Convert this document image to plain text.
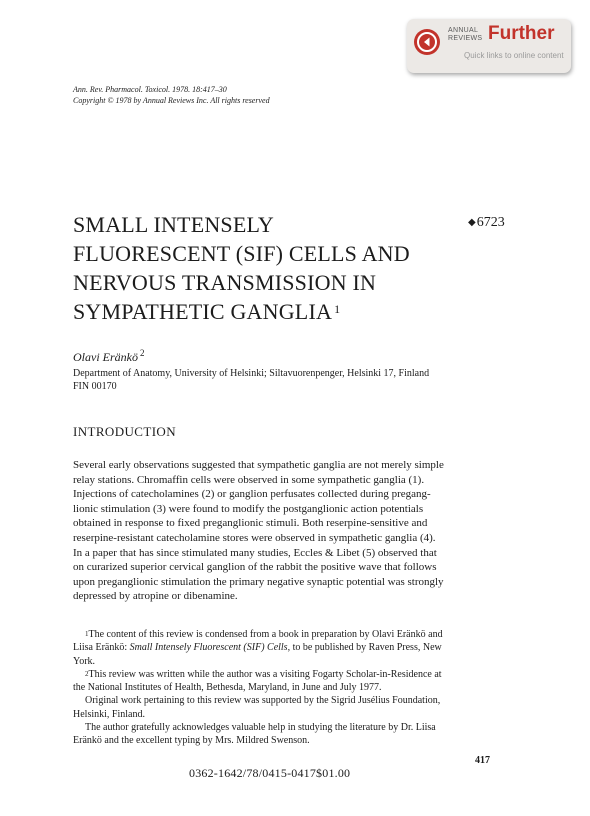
ANNUAL
REVIEWS Further
Quick links to online content
Ann. Rev. Pharmacol. Toxicol. 1978. 18:417–30
Copyright © 1978 by Annual Reviews Inc. All rights reserved

SMALL INTENSELY

FLUORESCENT (SIF) CELLS AND

NERVOUS TRANSMISSION IN

SYMPATHETIC GANGLIA $^1$

◆6723
Olavi Eränkö $^2$

Department of Anatomy, University of Helsinki; Siltavuorenpenger, Helsinki 17, Finland

FIN 00170

INTRODUCTION

Several early observations suggested that sympathetic ganglia are not merely simple

relay stations. Chromaffin cells were observed in some sympathetic ganglia (1).

Injections of catecholamines (2) or ganglion perfusates collected during pregang-

lionic stimulation (3) were found to modify the postganglionic action potentials

obtained in response to fixed preganglionic stimuli. Both reserpine-sensitive and

reserpine-resistant catecholamine stores were observed in sympathetic ganglia (4).

In a paper that has since stimulated many studies, Eccles & Libet (5) observed that

on curarized superior cervical ganglion of the rabbit the positive wave that follows

upon preganglionic stimulation the primary negative synaptic potential was strongly

depressed by atropine or dibenamine.

$^1$The content of this review is condensed from a book in preparation by Olavi Eränkö and

Liisa Eränkö: Small Intensely Fluorescent (SIF) Cells, to be published by Raven Press, New

York.

$^2$This review was written while the author was a visiting Fogarty Scholar-in-Residence at

the National Institutes of Health, Bethesda, Maryland, in June and July 1977.

Original work pertaining to this review was supported by the Sigrid Jusélius Foundation,

Helsinki, Finland.

The author gratefully acknowledges valuable help in studying the literature by Dr. Liisa

Eränkö and the excellent typing by Mrs. Mildred Swenson.

417
0362-1642/78/0415-0417$01.00
